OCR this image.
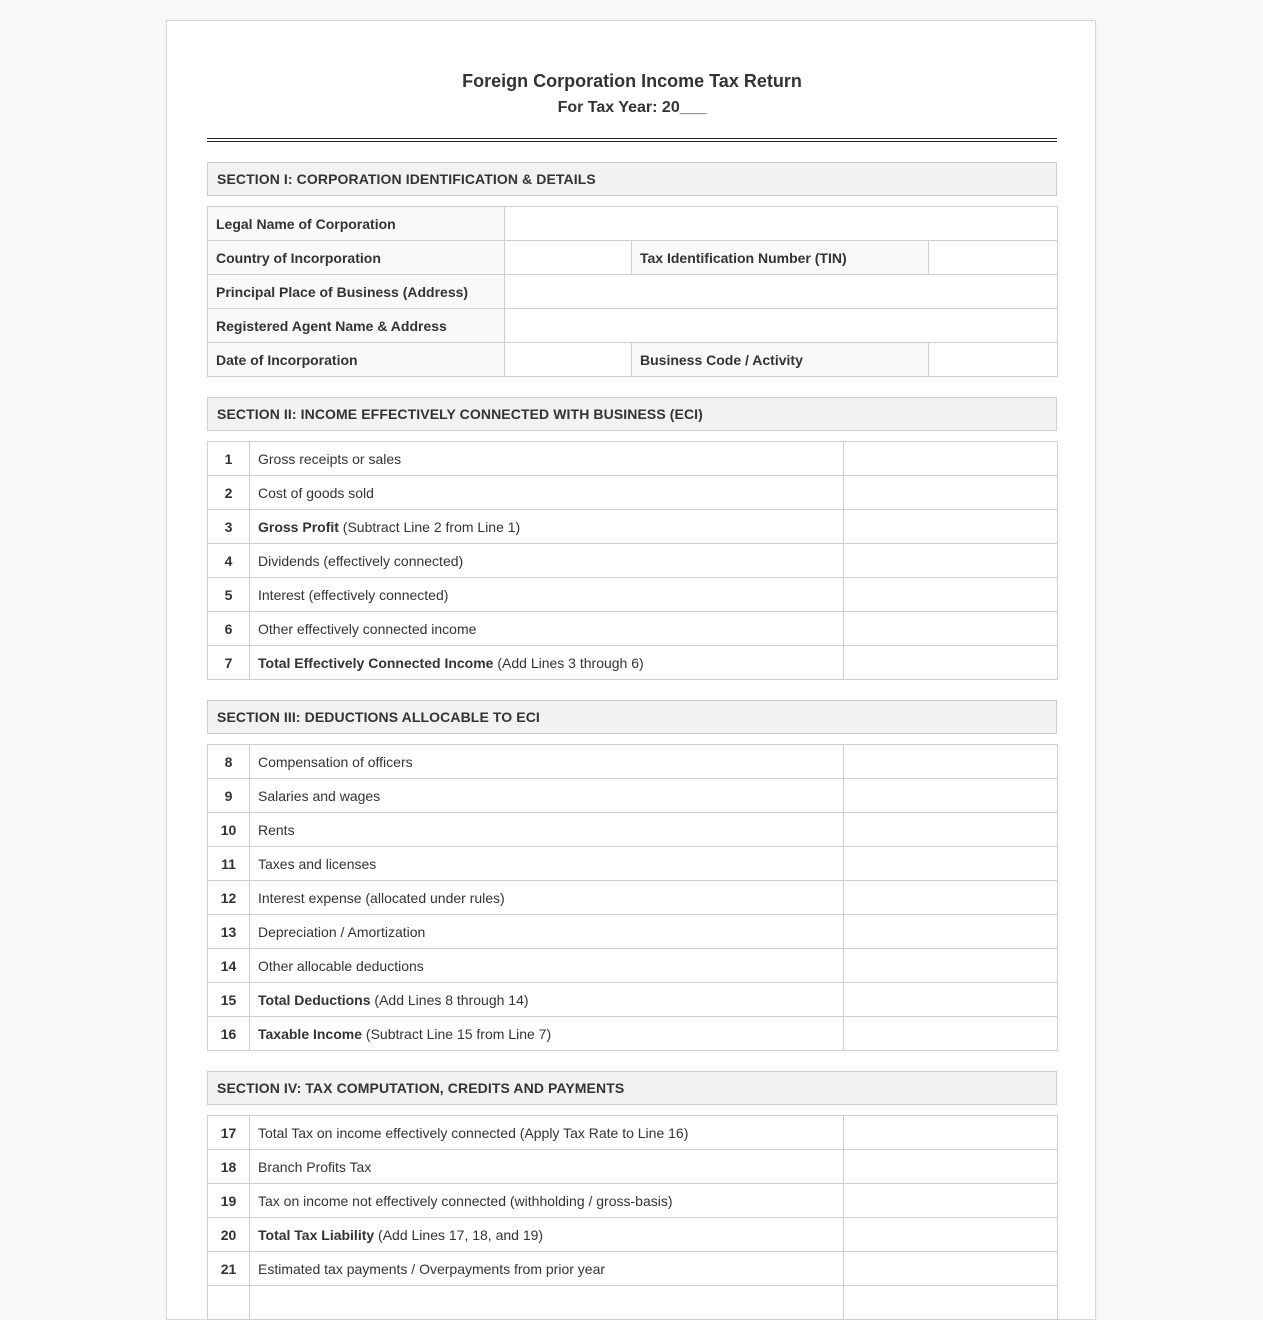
Foreign Corporation Income Tax Return
For Tax Year: 20___
SECTION I: CORPORATION IDENTIFICATION & DETAILS
Legal Name of Corporation			
Country of Incorporation		Tax Identification Number (TIN)	
Principal Place of Business (Address)			
Registered Agent Name & Address			
Date of Incorporation		Business Code / Activity	
SECTION II: INCOME EFFECTIVELY CONNECTED WITH BUSINESS (ECI)
1	Gross receipts or sales	
2	Cost of goods sold	
3	Gross Profit (Subtract Line 2 from Line 1)	
4	Dividends (effectively connected)	
5	Interest (effectively connected)	
6	Other effectively connected income	
7	Total Effectively Connected Income (Add Lines 3 through 6)	
SECTION III: DEDUCTIONS ALLOCABLE TO ECI
8	Compensation of officers	
9	Salaries and wages	
10	Rents	
11	Taxes and licenses	
12	Interest expense (allocated under rules)	
13	Depreciation / Amortization	
14	Other allocable deductions	
15	Total Deductions (Add Lines 8 through 14)	
16	Taxable Income (Subtract Line 15 from Line 7)	
SECTION IV: TAX COMPUTATION, CREDITS AND PAYMENTS
17	Total Tax on income effectively connected (Apply Tax Rate to Line 16)	
18	Branch Profits Tax	
19	Tax on income not effectively connected (withholding / gross-basis)	
20	Total Tax Liability (Add Lines 17, 18, and 19)	
21	Estimated tax payments / Overpayments from prior year	
